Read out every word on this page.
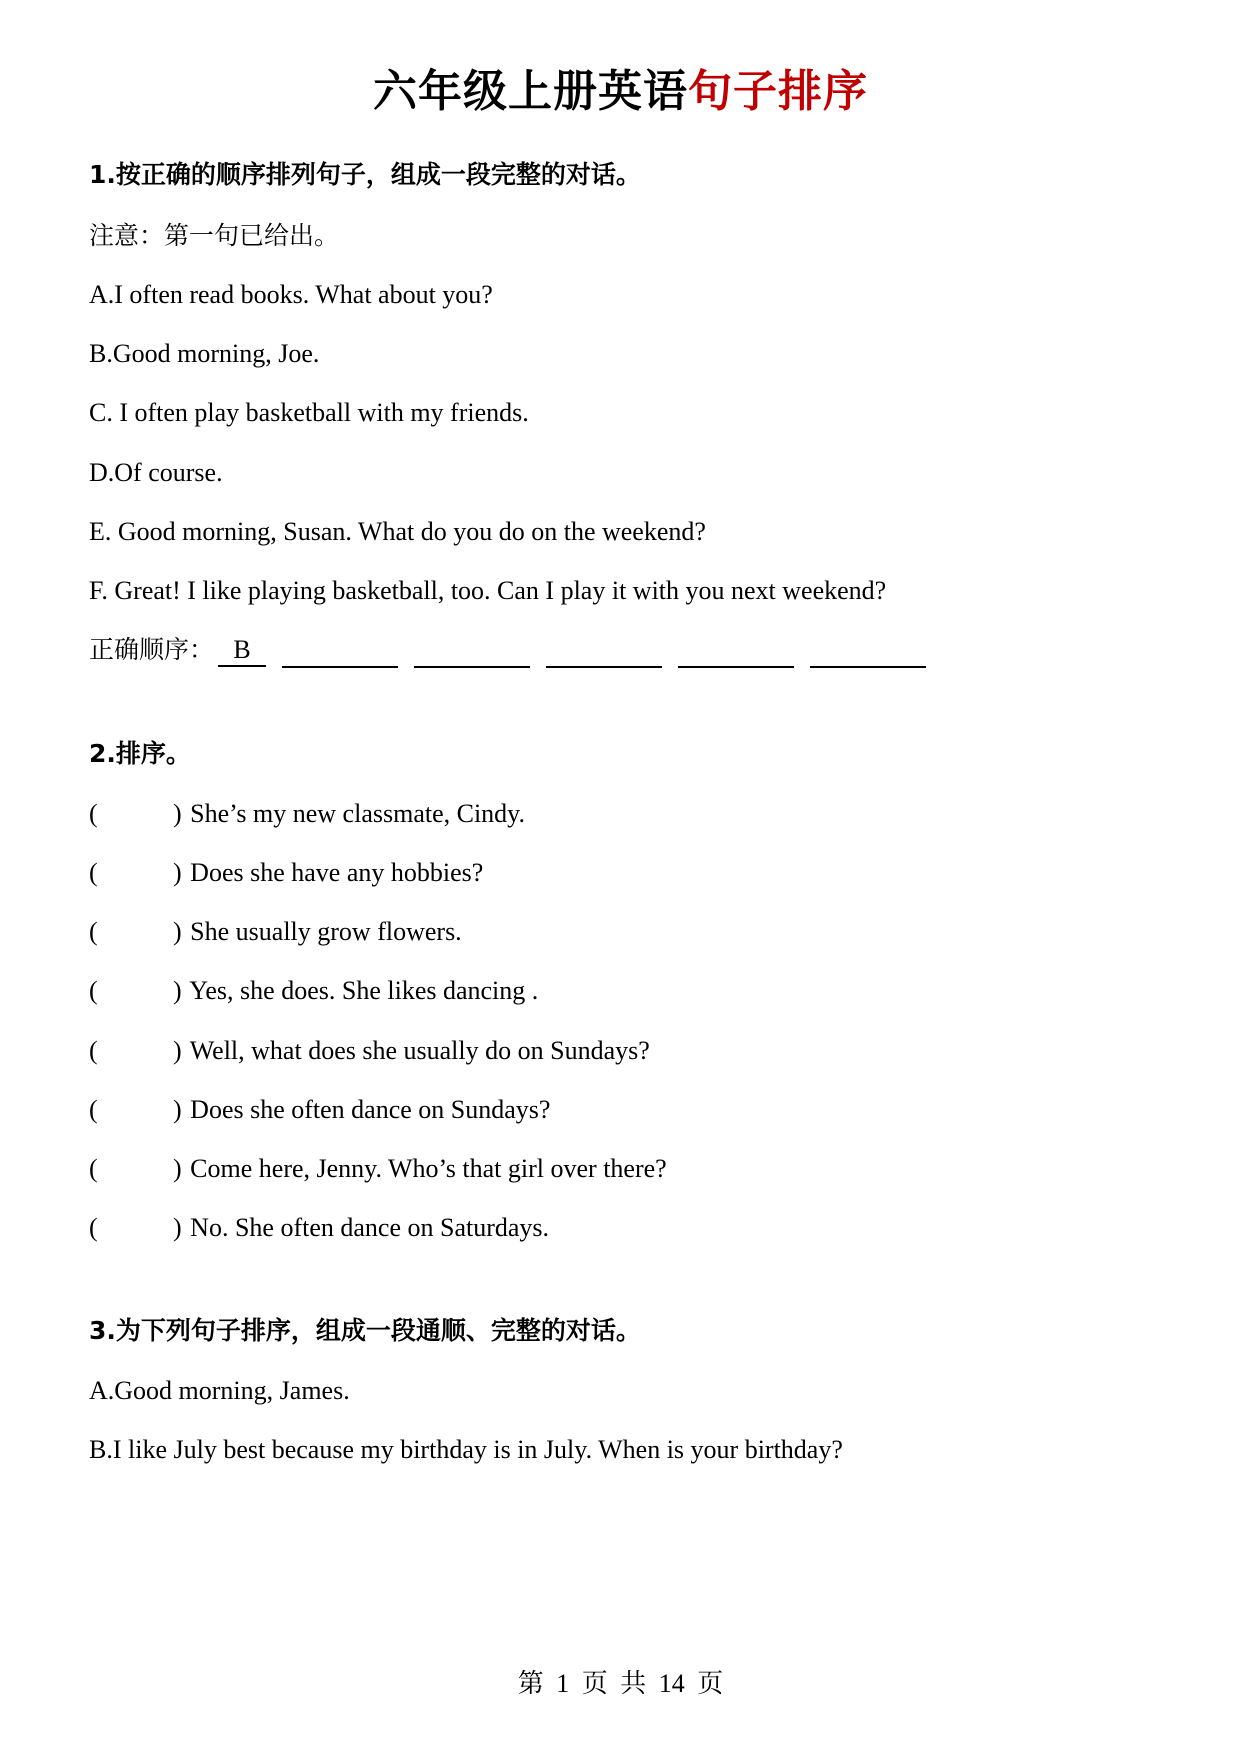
六年级上册英语句子排序
1.按正确的顺序排列句子，组成一段完整的对话。
注意：第一句已给出。
A.I often read books. What about you?
B.Good morning, Joe.
C. I often play basketball with my friends.
D.Of course.
E. Good morning, Susan. What do you do on the weekend?
F. Great! I like playing basketball, too. Can I play it with you next weekend?
正确顺序： B
2.排序。
(	) She’s my new classmate, Cindy.
(	) Does she have any hobbies?
(	) She usually grow flowers.
(	) Yes, she does. She likes dancing .
(	) Well, what does she usually do on Sundays?
(	) Does she often dance on Sundays?
(	) Come here, Jenny. Who’s that girl over there?
(	) No. She often dance on Saturdays.
3.为下列句子排序，组成一段通顺、完整的对话。
A.Good morning, James.
B.I like July best because my birthday is in July. When is your birthday?
第 1 页 共 14 页
